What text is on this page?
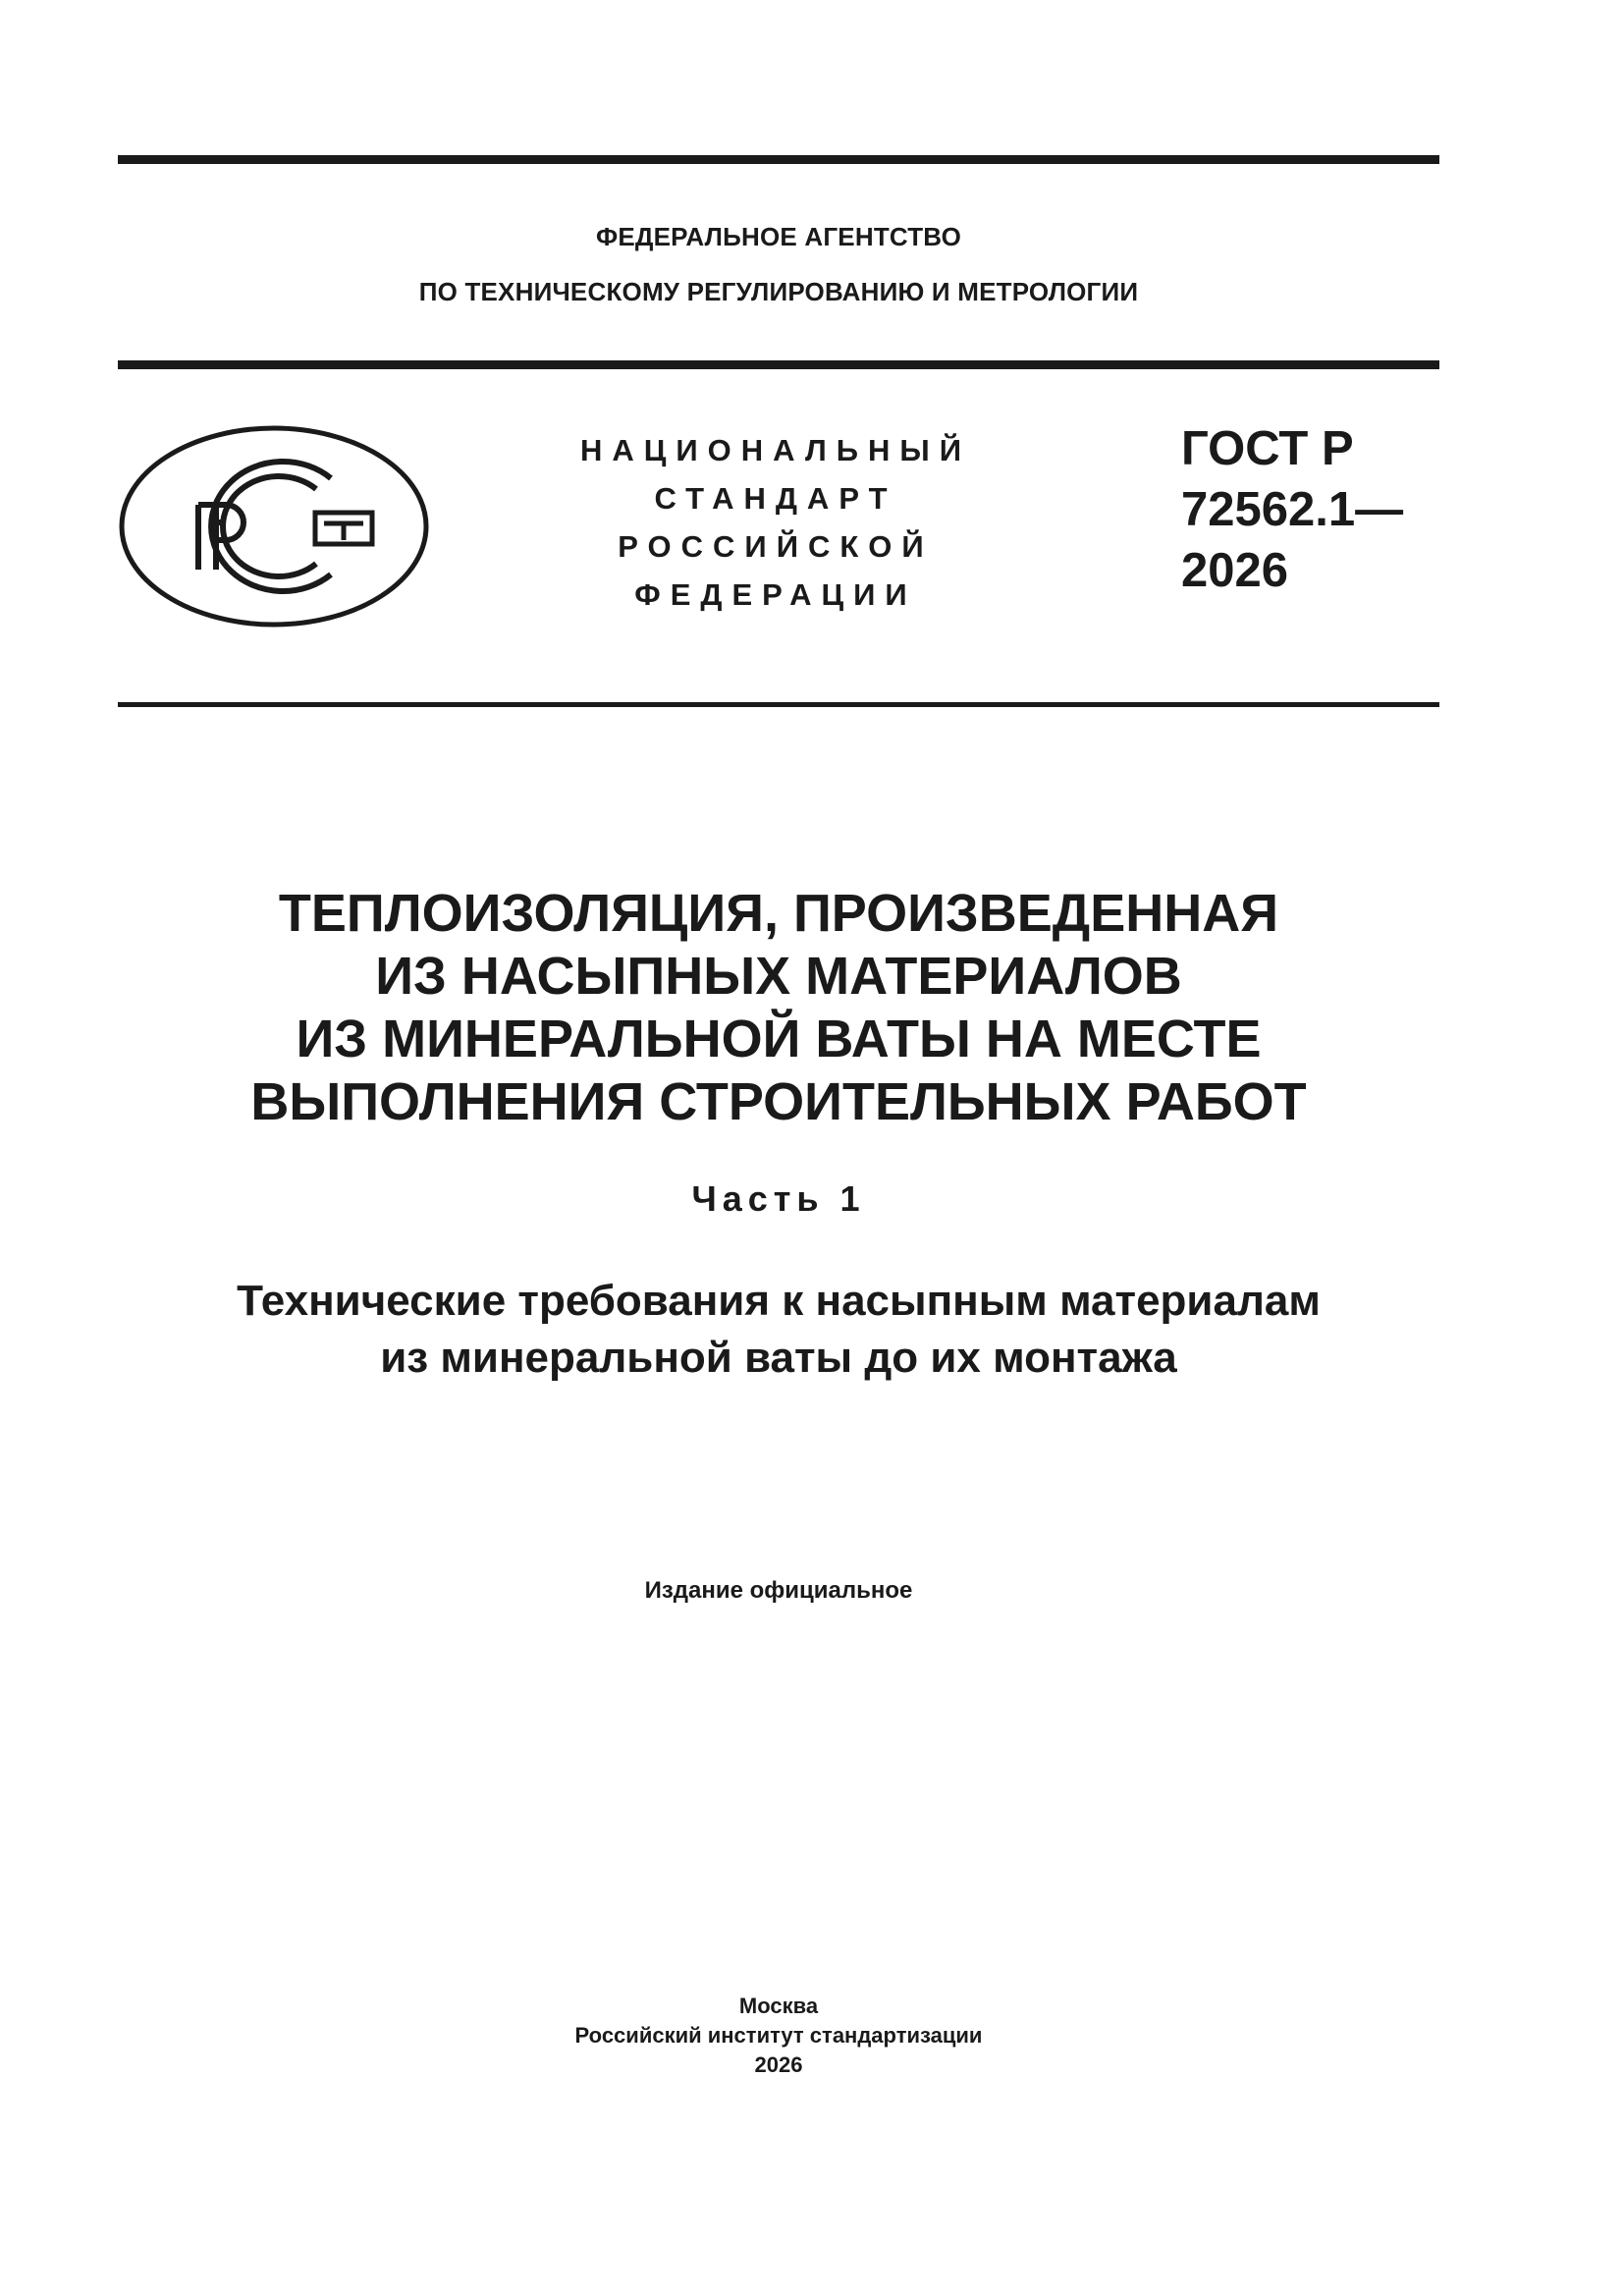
ФЕДЕРАЛЬНОЕ АГЕНТСТВО
ПО ТЕХНИЧЕСКОМУ РЕГУЛИРОВАНИЮ И МЕТРОЛОГИИ
НАЦИОНАЛЬНЫЙ
СТАНДАРТ
РОССИЙСКОЙ
ФЕДЕРАЦИИ
ГОСТ Р
72562.1—
2026
ТЕПЛОИЗОЛЯЦИЯ, ПРОИЗВЕДЕННАЯ
ИЗ НАСЫПНЫХ МАТЕРИАЛОВ
ИЗ МИНЕРАЛЬНОЙ ВАТЫ НА МЕСТЕ
ВЫПОЛНЕНИЯ СТРОИТЕЛЬНЫХ РАБОТ
Часть 1
Технические требования к насыпным материалам
из минеральной ваты до их монтажа
Издание официальное
Москва
Российский институт стандартизации
2026
